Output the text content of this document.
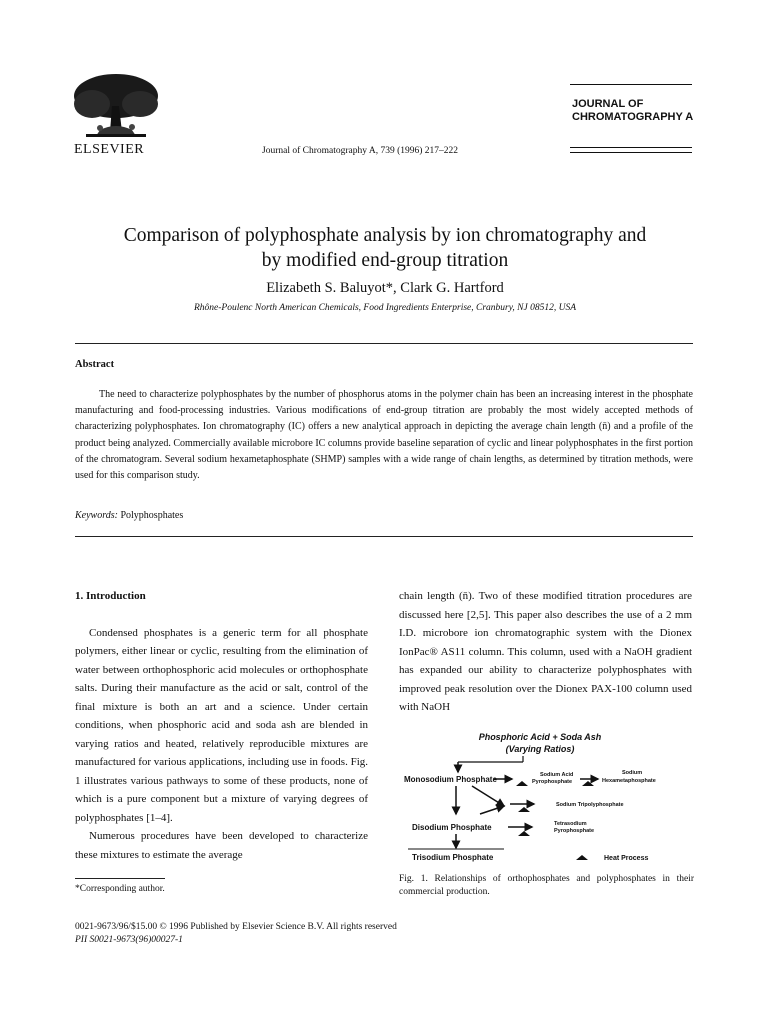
ELSEVIER	Journal of Chromatography A, 739 (1996) 217–222
JOURNAL OF
CHROMATOGRAPHY A
Comparison of polyphosphate analysis by ion chromatography and
by modified end-group titration
Elizabeth S. Baluyot*, Clark G. Hartford
Rhône-Poulenc North American Chemicals, Food Ingredients Enterprise, Cranbury, NJ 08512, USA
Abstract
The need to characterize polyphosphates by the number of phosphorus atoms in the polymer chain has been an increasing interest in the phosphate manufacturing and food-processing industries. Various modifications of end-group titration are probably the most widely accepted methods of characterizing polyphosphates. Ion chromatography (IC) offers a new analytical approach in depicting the average chain length (n̄) and a profile of the product being analyzed. Commercially available microbore IC columns provide baseline separation of cyclic and linear polyphosphates in the first portion of the chromatogram. Several sodium hexametaphosphate (SHMP) samples with a wide range of chain lengths, as determined by titration methods, were used for this comparison study.
Keywords: Polyphosphates
1. Introduction

Condensed phosphates is a generic term for all phosphate polymers, either linear or cyclic, resulting from the elimination of water between orthophosphoric acid molecules or orthophosphate salts. During their manufacture as the acid or salt, control of the final mixture is both an art and a science. Under certain conditions, when phosphoric acid and soda ash are blended in varying ratios and heated, relatively reproducible mixtures are manufactured for various applications, including use in foods. Fig. 1 illustrates various pathways to some of these products, none of which is a pure component but a mixture of varying degrees of polyphosphates [1–4].

Numerous procedures have been developed to characterize these mixtures to estimate the average

*Corresponding author.
0021-9673/96/$15.00 © 1996 Published by Elsevier Science B.V. All rights reserved
PII S0021-9673(96)00027-1

chain length (n̄). Two of these modified titration procedures are discussed here [2,5]. This paper also describes the use of a 2 mm I.D. microbore ion chromatographic system with the Dionex IonPac® AS11 column. This column, used with a NaOH gradient has expanded our ability to characterize polyphosphates with improved peak resolution over the Dionex PAX-100 column used with NaOH

Phosphoric Acid + Soda Ash
(Varying Ratios)
Monosodium Phosphate	Sodium Acid
Pyrophosphate
Sodium
Hexametaphosphate
Sodium Tripolyphosphate
Disodium Phosphate	Tetrasodium
Pyrophosphate
Trisodium Phosphate	Heat Process
Fig. 1. Relationships of orthophosphates and polyphosphates in their commercial production.
